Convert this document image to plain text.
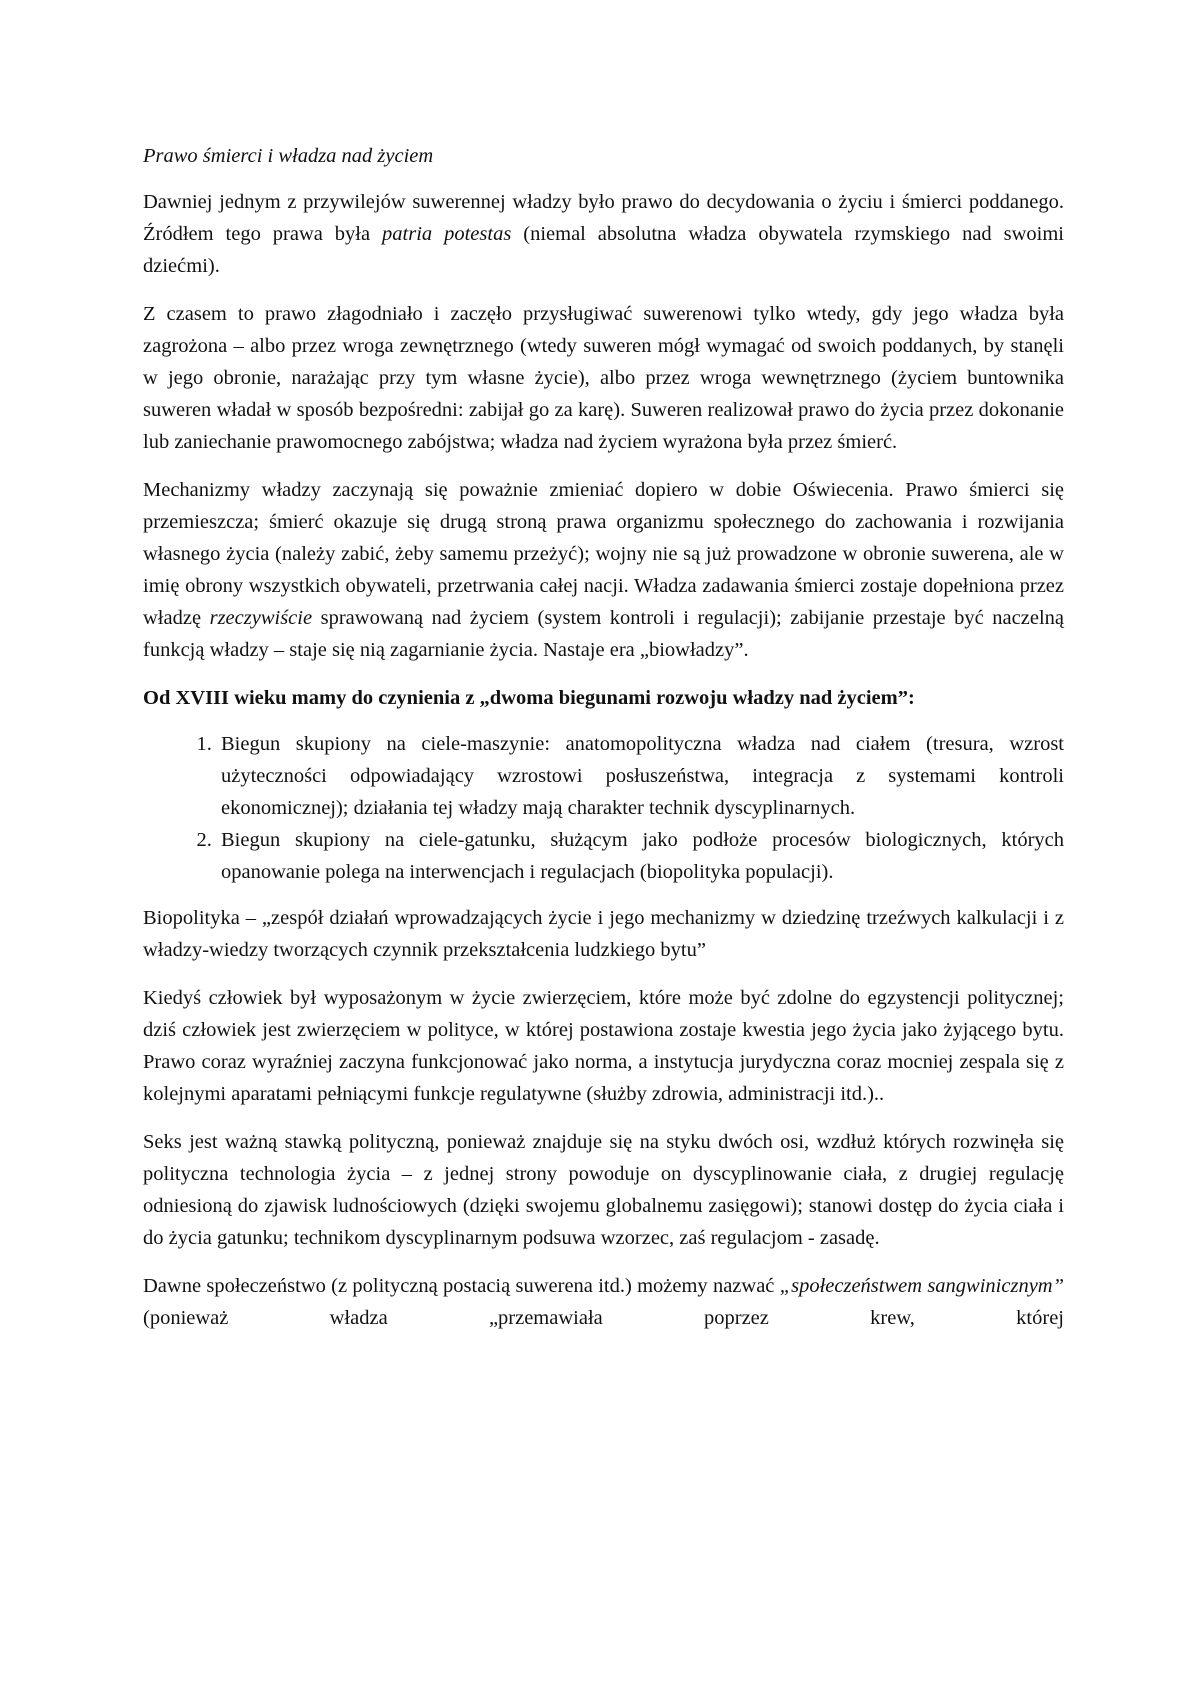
Prawo śmierci i władza nad życiem

Dawniej jednym z przywilejów suwerennej władzy było prawo do decydowania o życiu i śmierci poddanego. Źródłem tego prawa była patria potestas (niemal absolutna władza obywatela rzymskiego nad swoimi dziećmi).

Z czasem to prawo złagodniało i zaczęło przysługiwać suwerenowi tylko wtedy, gdy jego władza była zagrożona – albo przez wroga zewnętrznego (wtedy suweren mógł wymagać od swoich poddanych, by stanęli w jego obronie, narażając przy tym własne życie), albo przez wroga wewnętrznego (życiem buntownika suweren władał w sposób bezpośredni: zabijał go za karę). Suweren realizował prawo do życia przez dokonanie lub zaniechanie prawomocnego zabójstwa; władza nad życiem wyrażona była przez śmierć.

Mechanizmy władzy zaczynają się poważnie zmieniać dopiero w dobie Oświecenia. Prawo śmierci się przemieszcza; śmierć okazuje się drugą stroną prawa organizmu społecznego do zachowania i rozwijania własnego życia (należy zabić, żeby samemu przeżyć); wojny nie są już prowadzone w obronie suwerena, ale w imię obrony wszystkich obywateli, przetrwania całej nacji. Władza zadawania śmierci zostaje dopełniona przez władzę rzeczywiście sprawowaną nad życiem (system kontroli i regulacji); zabijanie przestaje być naczelną funkcją władzy – staje się nią zagarnianie życia. Nastaje era „biowładzy”.

Od XVIII wieku mamy do czynienia z „dwoma biegunami rozwoju władzy nad życiem”:
1. Biegun skupiony na ciele-maszynie: anatomopolityczna władza nad ciałem (tresura, wzrost użyteczności odpowiadający wzrostowi posłuszeństwa, integracja z systemami kontroli ekonomicznej); działania tej władzy mają charakter technik dyscyplinarnych.
2. Biegun skupiony na ciele-gatunku, służącym jako podłoże procesów biologicznych, których opanowanie polega na interwencjach i regulacjach (biopolityka populacji).

Biopolityka – „zespół działań wprowadzających życie i jego mechanizmy w dziedzinę trzeźwych kalkulacji i z władzy-wiedzy tworzących czynnik przekształcenia ludzkiego bytu”

Kiedyś człowiek był wyposażonym w życie zwierzęciem, które może być zdolne do egzystencji politycznej; dziś człowiek jest zwierzęciem w polityce, w której postawiona zostaje kwestia jego życia jako żyjącego bytu. Prawo coraz wyraźniej zaczyna funkcjonować jako norma, a instytucja jurydyczna coraz mocniej zespala się z kolejnymi aparatami pełniącymi funkcje regulatywne (służby zdrowia, administracji itd.)..

Seks jest ważną stawką polityczną, ponieważ znajduje się na styku dwóch osi, wzdłuż których rozwinęła się polityczna technologia życia – z jednej strony powoduje on dyscyplinowanie ciała, z drugiej regulację odniesioną do zjawisk ludnościowych (dzięki swojemu globalnemu zasięgowi); stanowi dostęp do życia ciała i do życia gatunku; technikom dyscyplinarnym podsuwa wzorzec, zaś regulacjom - zasadę.

Dawne społeczeństwo (z polityczną postacią suwerena itd.) możemy nazwać „społeczeństwem sangwinicznym” (ponieważ władza „przemawiała poprzez krew, której
